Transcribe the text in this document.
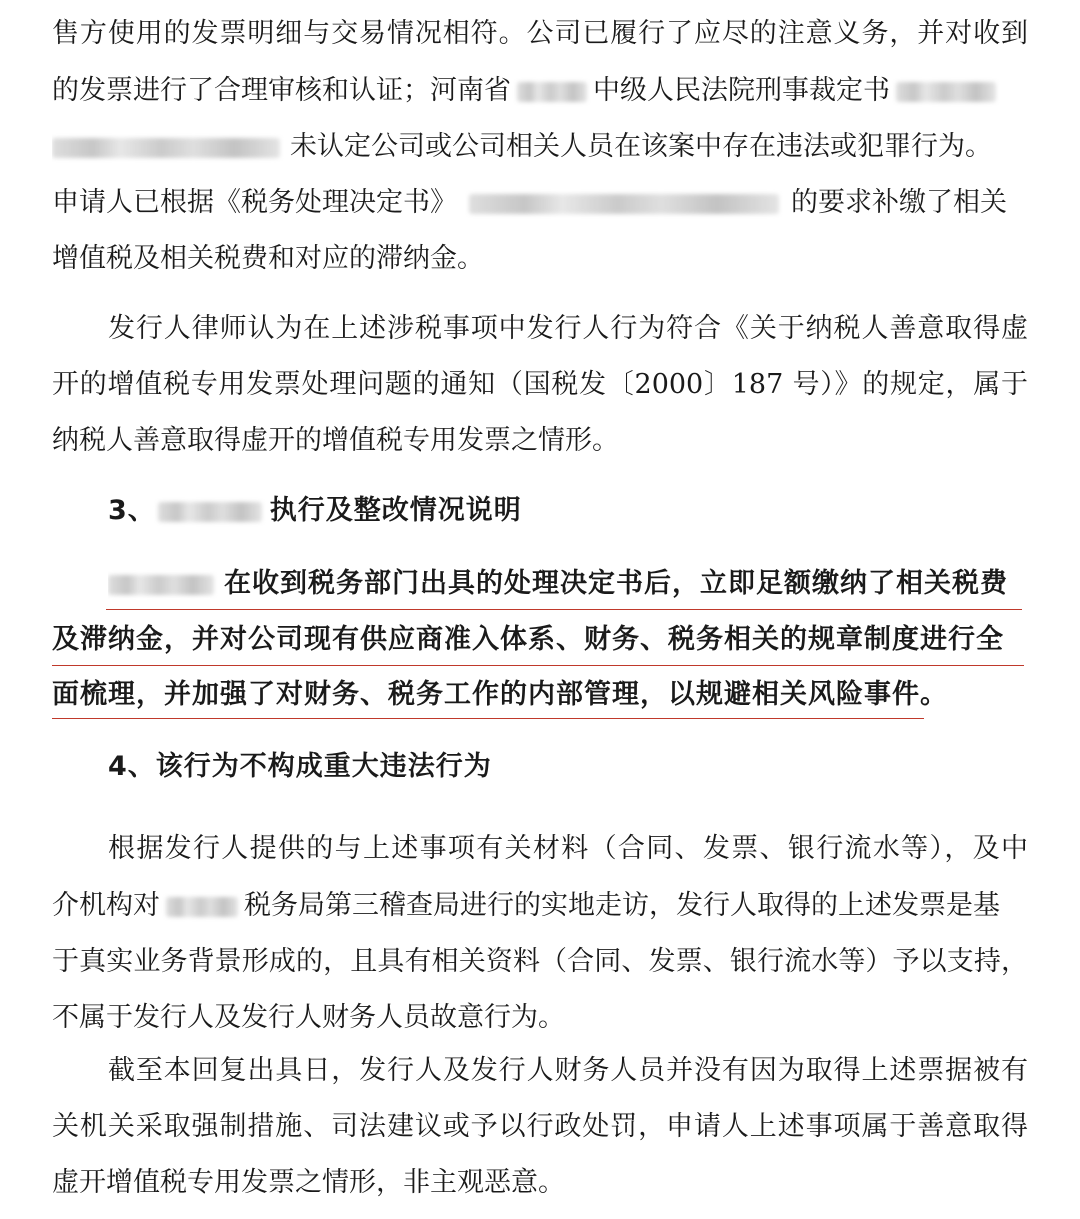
售方使用的发票明细与交易情况相符。公司已履行了应尽的注意义务，并对收到
的发票进行了合理审核和认证；河南省	中级人民法院刑事裁定书
未认定公司或公司相关人员在该案中存在违法或犯罪行为。
申请人已根据《税务处理决定书》	的要求补缴了相关
增值税及相关税费和对应的滞纳金。
发行人律师认为在上述涉税事项中发行人行为符合《关于纳税人善意取得虚
开的增值税专用发票处理问题的通知（国税发〔2000〕187 号）》的规定，属于
纳税人善意取得虚开的增值税专用发票之情形。
3、	执行及整改情况说明
在收到税务部门出具的处理决定书后，立即足额缴纳了相关税费
及滞纳金，并对公司现有供应商准入体系、财务、税务相关的规章制度进行全
面梳理，并加强了对财务、税务工作的内部管理，以规避相关风险事件。
4、该行为不构成重大违法行为
根据发行人提供的与上述事项有关材料（合同、发票、银行流水等），及中
介机构对	税务局第三稽查局进行的实地走访，发行人取得的上述发票是基
于真实业务背景形成的，且具有相关资料（合同、发票、银行流水等）予以支持，
不属于发行人及发行人财务人员故意行为。
截至本回复出具日，发行人及发行人财务人员并没有因为取得上述票据被有
关机关采取强制措施、司法建议或予以行政处罚，申请人上述事项属于善意取得
虚开增值税专用发票之情形，非主观恶意。
